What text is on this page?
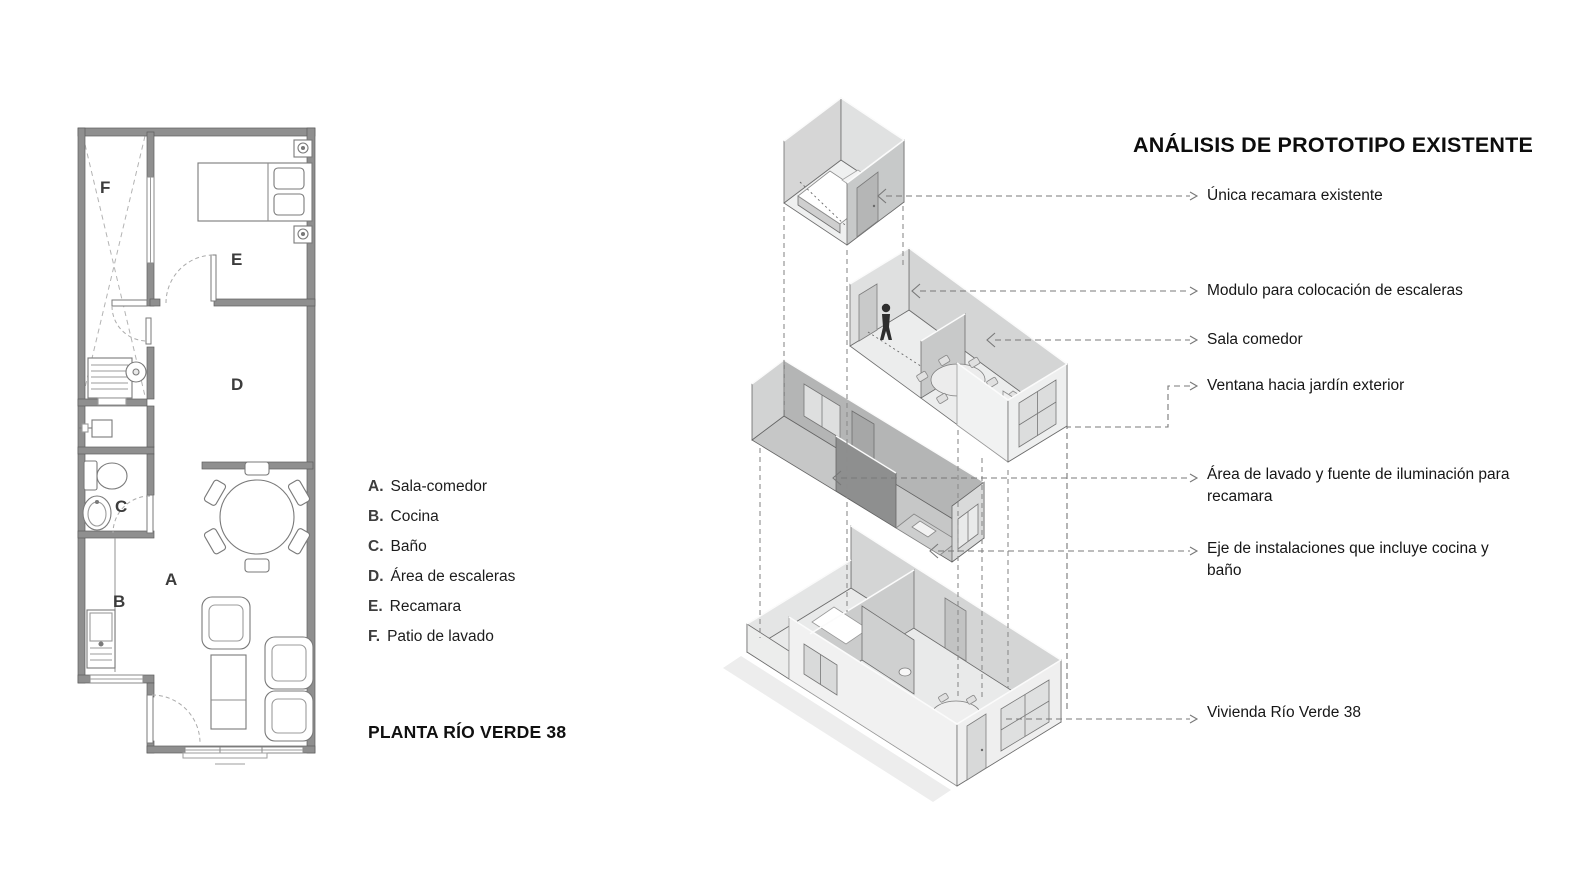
F
E
D
C
A
B
A. Sala-comedor
B. Cocina
C. Baño
D. Área de escaleras
E. Recamara
F. Patio de lavado
PLANTA RÍO VERDE 38
ANÁLISIS DE PROTOTIPO EXISTENTE
Única recamara existente
Modulo para colocación de escaleras
Sala comedor
Ventana hacia jardín exterior
Área de lavado y fuente de iluminación para recamara
Eje de instalaciones que incluye cocina y baño
Vivienda Río Verde 38
